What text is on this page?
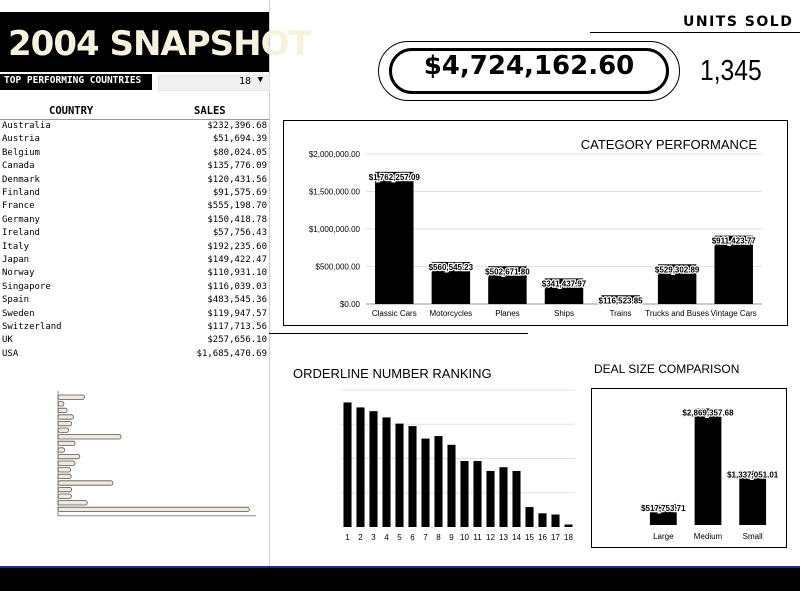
2004 SNAPSHOT
TOP PERFORMING COUNTRIES	18 ▼
COUNTRY	SALES
Australia	$232,396.68
Austria	$51,694.39
Belgium	$80,024.05
Canada	$135,776.09
Denmark	$120,431.56
Finland	$91,575.69
France	$555,198.70
Germany	$150,418.78
Ireland	$57,756.43
Italy	$192,235.60
Japan	$149,422.47
Norway	$110,931.10
Singapore	$116,039.03
Spain	$483,545.36
Sweden	$119,947.57
Switzerland	$117,713.56
UK	$257,656.10
USA	$1,685,470.69
UNITS SOLD
$4,724,162.60	1,345
CATEGORY PERFORMANCE
$0.00
$500,000.00
$1,000,000.00
$1,500,000.00
$2,000,000.00
$1,762,257.09
Classic Cars
$560,545.23
Motorcycles
$502,671.80
Planes
$341,437.97
Ships
$116,523.85
Trains
$529,302.89
Trucks and Buses
$911,423.77
Vintage Cars
ORDERLINE NUMBER RANKING
1 2 3 4 5 6 7 8 9 10 11 12 13 14 15 16 17 18
DEAL SIZE COMPARISON
$517,753.71
Large
$2,869,357.68
Medium
$1,337,051.01
Small
